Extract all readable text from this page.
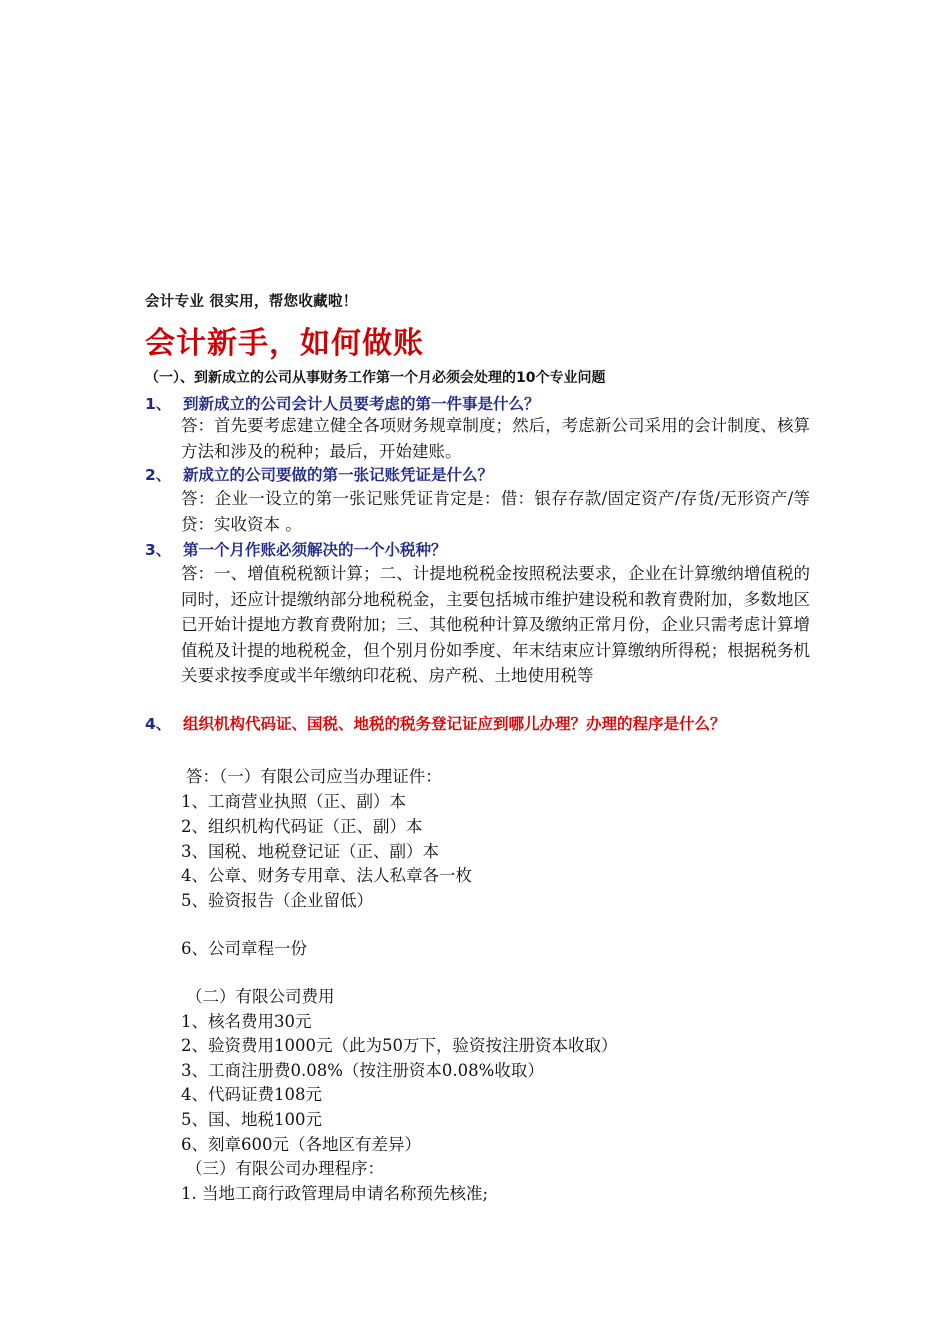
会计专业 很实用，帮您收藏啦！
会计新手，如何做账
（一）、到新成立的公司从事财务工作第一个月必须会处理的10个专业问题
1、 到新成立的公司会计人员要考虑的第一件事是什么？
答：首先要考虑建立健全各项财务规章制度；然后，考虑新公司采用的会计制度、核算方法和涉及的税种；最后，开始建账。
2、 新成立的公司要做的第一张记账凭证是什么？
答：企业一设立的第一张记账凭证肯定是：借：银存存款/固定资产/存货/无形资产/等 贷：实收资本 。
3、 第一个月作账必须解决的一个小税种？
答：一、增值税税额计算；二、计提地税税金按照税法要求，企业在计算缴纳增值税的同时，还应计提缴纳部分地税税金，主要包括城市维护建设税和教育费附加，多数地区已开始计提地方教育费附加；三、其他税种计算及缴纳正常月份，企业只需考虑计算增值税及计提的地税税金，但个别月份如季度、年末结束应计算缴纳所得税；根据税务机关要求按季度或半年缴纳印花税、房产税、土地使用税等
4、 组织机构代码证、国税、地税的税务登记证应到哪儿办理？办理的程序是什么？
答：（一）有限公司应当办理证件：
1、工商营业执照（正、副）本
2、组织机构代码证（正、副）本
3、国税、地税登记证（正、副）本
4、公章、财务专用章、法人私章各一枚
5、验资报告（企业留低）
6、公司章程一份
（二）有限公司费用
1、核名费用30元
2、验资费用1000元（此为50万下，验资按注册资本收取）
3、工商注册费0.08%（按注册资本0.08%收取）
4、代码证费108元
5、国、地税100元
6、刻章600元（各地区有差异）
（三）有限公司办理程序：
1. 当地工商行政管理局申请名称预先核准;
